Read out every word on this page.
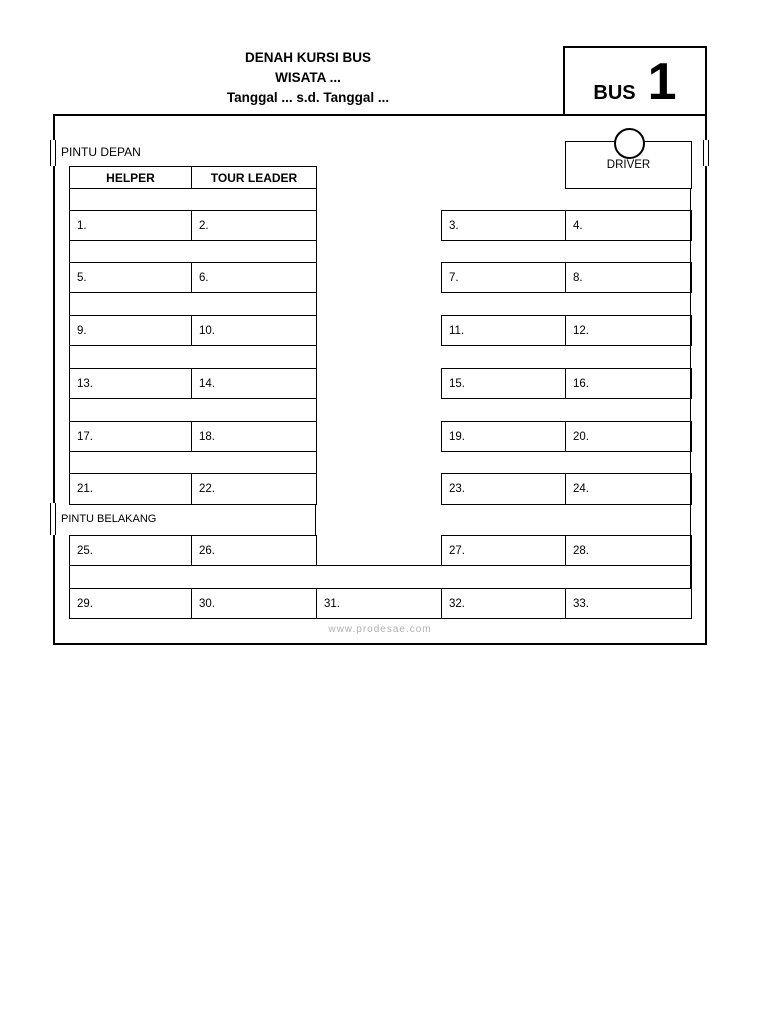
DENAH KURSI BUS
WISATA ...
Tanggal ... s.d. Tanggal ...	BUS 1
PINTU DEPAN
PINTU BELAKANG
DRIVER
HELPER	TOUR LEADER
1.	2.	3.	4.
5.	6.	7.	8.
9.	10.	11.	12.
13.	14.	15.	16.
17.	18.	19.	20.
21.	22.	23.	24.
25.	26.	27.	28.
29.	30.	31.	32.	33.
www.prodesae.com
